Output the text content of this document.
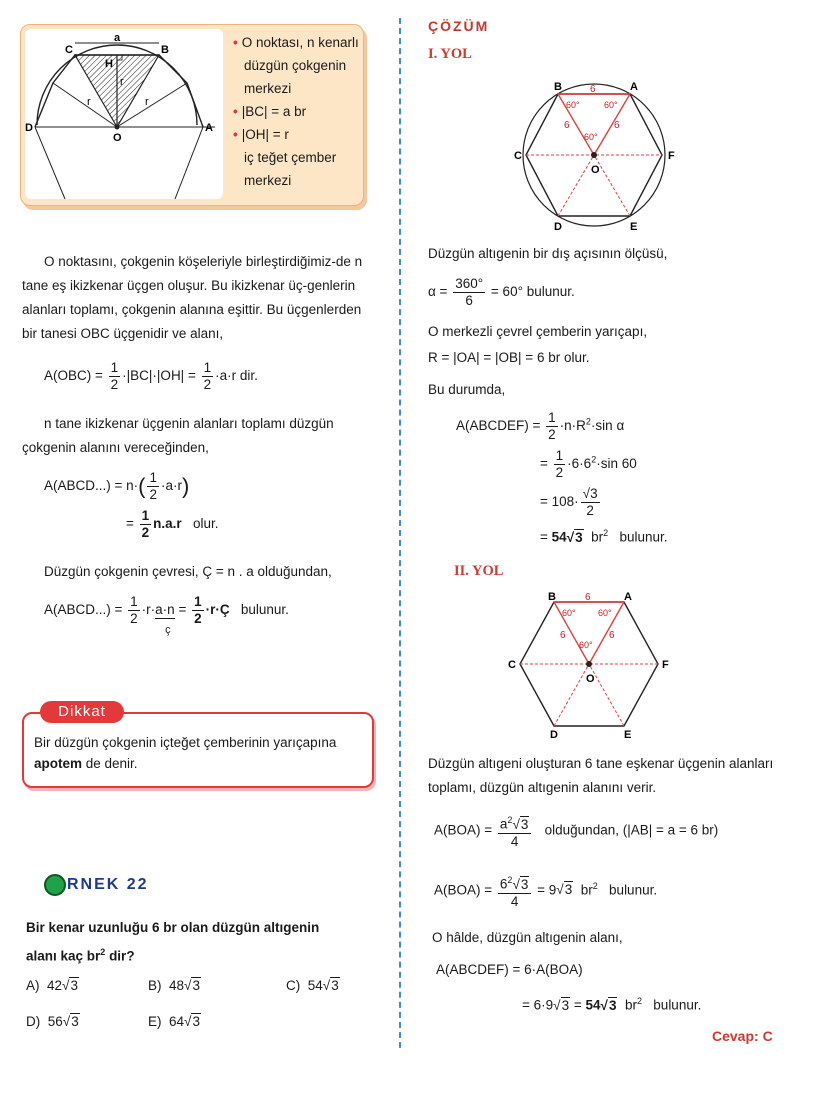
a
C	B
H
r
r
r
D
O
A
• O noktası, n kenarlı
düzgün çokgenin
merkezi
• |BC| = a br
• |OH| = r
iç teğet çember
merkezi
O noktasını, çokgenin köşeleriyle birleştirdiğimiz-de n tane eş ikizkenar üçgen oluşur. Bu ikizkenar üç-genlerin alanları toplamı, çokgenin alanına eşittir. Bu üçgenlerden bir tanesi OBC üçgenidir ve alanı,
$A(OBC) = \frac{1}{2} \cdot|BC|\cdot|OH| = \frac{1}{2} \cdot a\cdot r$ dir.
n tane ikizkenar üçgenin alanları toplamı düzgün çokgenin alanını vereceğinden,
A(ABCD...) = $n\cdot( \frac{1}{2} \cdot a\cdot r)$
= $\frac{1}{2} n.a.r$ olur.
Düzgün çokgenin çevresi, Ç = n . a olduğundan,
A(ABCD...) = $\frac{1}{2} \cdot r\cdot a\cdot n$
ç
= $\frac{1}{2}$ ·r·Ç bulunur.
Dikkat
Bir düzgün çokgenin içteğet çemberinin yarıçapına
apotem de denir.
RNEK 22
Bir kenar uzunluğu 6 br olan düzgün altıgenin
alanı kaç $br^2$ dir?
A) 42√3	B) 48√3	C) 54√3
D) 56√3	E) 64√3
ÇÖZÜM
I. YOL
B	A
C	F
D	E
O
6
6	6
60°	60°
60°
Düzgün altıgenin bir dış açısının ölçüsü,
$\alpha = \frac{360^\circ}{6} = 60^\circ$ bulunur.
O merkezli çevrel çemberin yarıçapı,
R = |OA| = |OB| = 6 br olur.
Bu durumda,
A(ABCDEF) = $\frac{1}{2} \cdot n\cdot R^2\cdot\sin$ α
= $\frac{1}{2} \cdot 6\cdot 6^2\cdot\sin$ 60
= $108\cdot \frac{√3}{2}$
= 54√3 $br^2$ bulunur.
II. YOL
B	A
C	F
D	E
O
6
6	6
60° 60°
60°
Düzgün altıgeni oluşturan 6 tane eşkenar üçgenin alanları toplamı, düzgün altıgenin alanını verir.
$A(BOA) = \frac{a^2√3}{4}$ olduğundan, (|AB| = a = 6 br)
$A(BOA) = \frac{6^2√3}{4} = 9√3$ $br^2$ bulunur.
O hâlde, düzgün altıgenin alanı,
A(ABCDEF) = 6·A(BOA)
= 6·9√3 = 54√3 $br^2$ bulunur.
Cevap: C
